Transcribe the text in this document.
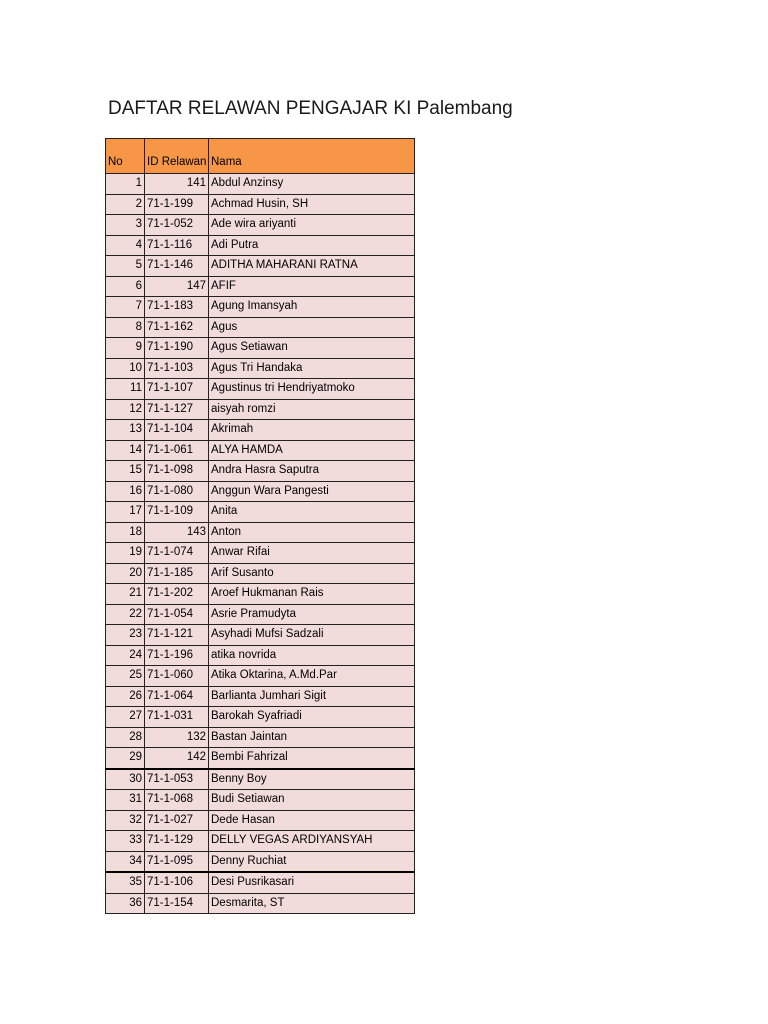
DAFTAR RELAWAN PENGAJAR KI Palembang
No	ID Relawan	Nama
1	141	Abdul Anzinsy
2	71-1-199	Achmad Husin, SH
3	71-1-052	Ade wira ariyanti
4	71-1-116	Adi Putra
5	71-1-146	ADITHA MAHARANI RATNA
6	147	AFIF
7	71-1-183	Agung Imansyah
8	71-1-162	Agus
9	71-1-190	Agus Setiawan
10	71-1-103	Agus Tri Handaka
11	71-1-107	Agustinus tri Hendriyatmoko
12	71-1-127	aisyah romzi
13	71-1-104	Akrimah
14	71-1-061	ALYA HAMDA
15	71-1-098	Andra Hasra Saputra
16	71-1-080	Anggun Wara Pangesti
17	71-1-109	Anita
18	143	Anton
19	71-1-074	Anwar Rifai
20	71-1-185	Arif Susanto
21	71-1-202	Aroef Hukmanan Rais
22	71-1-054	Asrie Pramudyta
23	71-1-121	Asyhadi Mufsi Sadzali
24	71-1-196	atika novrida
25	71-1-060	Atika Oktarina, A.Md.Par
26	71-1-064	Barlianta Jumhari Sigit
27	71-1-031	Barokah Syafriadi
28	132	Bastan Jaintan
29	142	Bembi Fahrizal
30	71-1-053	Benny Boy
31	71-1-068	Budi Setiawan
32	71-1-027	Dede Hasan
33	71-1-129	DELLY VEGAS ARDIYANSYAH
34	71-1-095	Denny Ruchiat
35	71-1-106	Desi Pusrikasari
36	71-1-154	Desmarita, ST
